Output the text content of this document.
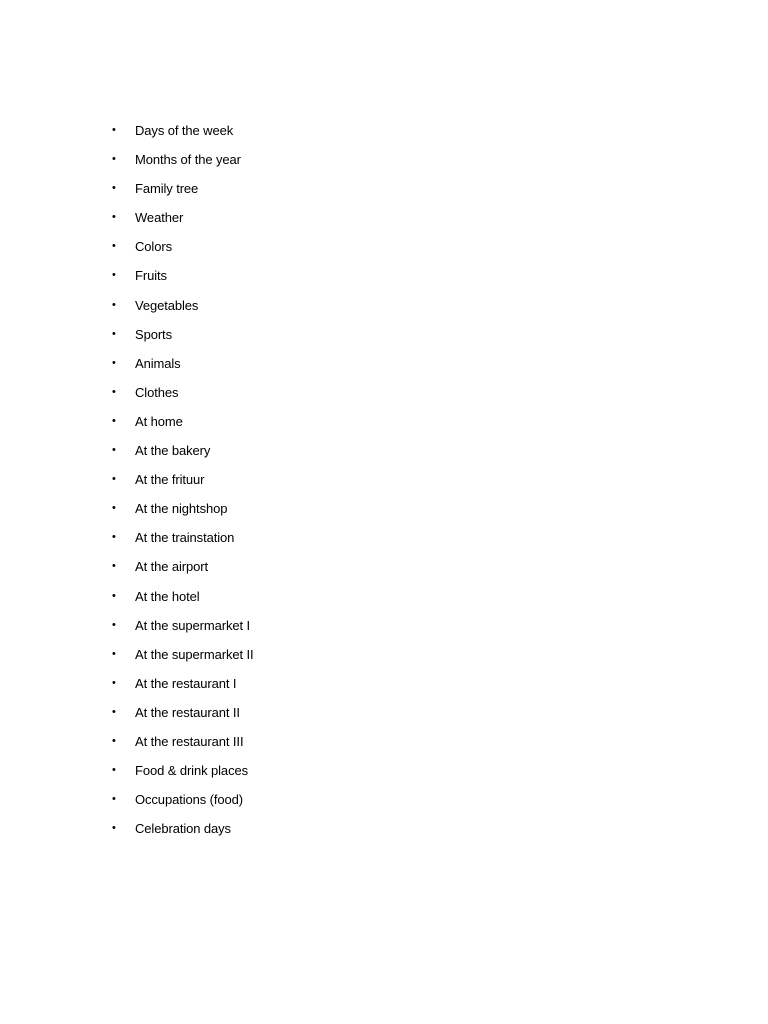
•	Days of the week
•	Months of the year
•	Family tree
•	Weather
•	Colors
•	Fruits
•	Vegetables
•	Sports
•	Animals
•	Clothes
•	At home
•	At the bakery
•	At the frituur
•	At the nightshop
•	At the trainstation
•	At the airport
•	At the hotel
•	At the supermarket I
•	At the supermarket II
•	At the restaurant I
•	At the restaurant II
•	At the restaurant III
•	Food & drink places
•	Occupations (food)
•	Celebration days
